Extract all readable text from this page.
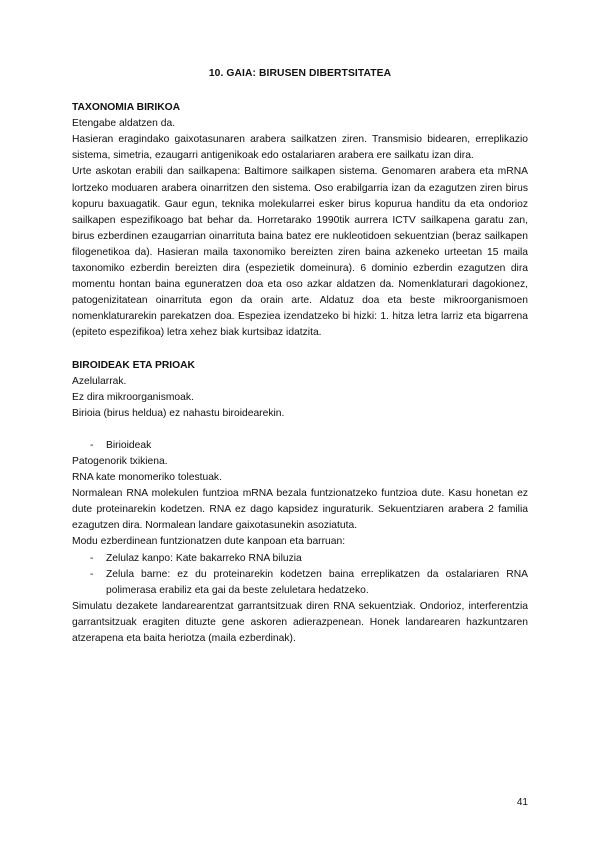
10. GAIA: BIRUSEN DIBERTSITATEA

TAXONOMIA BIRIKOA

Etengabe aldatzen da.

Hasieran eragindako gaixotasunaren arabera sailkatzen ziren. Transmisio bidearen, erreplikazio sistema, simetria, ezaugarri antigenikoak edo ostalariaren arabera ere sailkatu izan dira.

Urte askotan erabili dan sailkapena: Baltimore sailkapen sistema. Genomaren arabera eta mRNA lortzeko moduaren arabera oinarritzen den sistema. Oso erabilgarria izan da ezagutzen ziren birus kopuru baxuagatik. Gaur egun, teknika molekularrei esker birus kopurua handitu da eta ondorioz sailkapen espezifikoago bat behar da. Horretarako 1990tik aurrera ICTV sailkapena garatu zan, birus ezberdinen ezaugarrian oinarrituta baina batez ere nukleotidoen sekuentzian (beraz sailkapen filogenetikoa da). Hasieran maila taxonomiko bereizten ziren baina azkeneko urteetan 15 maila taxonomiko ezberdin bereizten dira (espezietik domeinura). 6 dominio ezberdin ezagutzen dira momentu hontan baina eguneratzen doa eta oso azkar aldatzen da. Nomenklaturari dagokionez, patogenizitatean oinarrituta egon da orain arte. Aldatuz doa eta beste mikroorganismoen nomenklaturarekin parekatzen doa. Espeziea izendatzeko bi hizki: 1. hitza letra larriz eta bigarrena (epiteto espezifikoa) letra xehez biak kurtsibaz idatzita.

BIROIDEAK ETA PRIOAK

Azelularrak.

Ez dira mikroorganismoak.

Birioia (birus heldua) ez nahastu biroidearekin.

- Birioideak

Patogenorik txikiena.

RNA kate monomeriko tolestuak.

Normalean RNA molekulen funtzioa mRNA bezala funtzionatzeko funtzioa dute. Kasu honetan ez dute proteinarekin kodetzen. RNA ez dago kapsidez inguraturik. Sekuentziaren arabera 2 familia ezagutzen dira. Normalean landare gaixotasunekin asoziatuta.

Modu ezberdinean funtzionatzen dute kanpoan eta barruan:

- Zelulaz kanpo: Kate bakarreko RNA biluzia
- Zelula barne: ez du proteinarekin kodetzen baina erreplikatzen da ostalariaren RNA polimerasa erabiliz eta gai da beste zeluletara hedatzeko.

Simulatu dezakete landarearentzat garrantsitzuak diren RNA sekuentziak. Ondorioz, interferentzia garrantsitzuak eragiten dituzte gene askoren adierazpenean. Honek landarearen hazkuntzaren atzerapena eta baita heriotza (maila ezberdinak).

41
